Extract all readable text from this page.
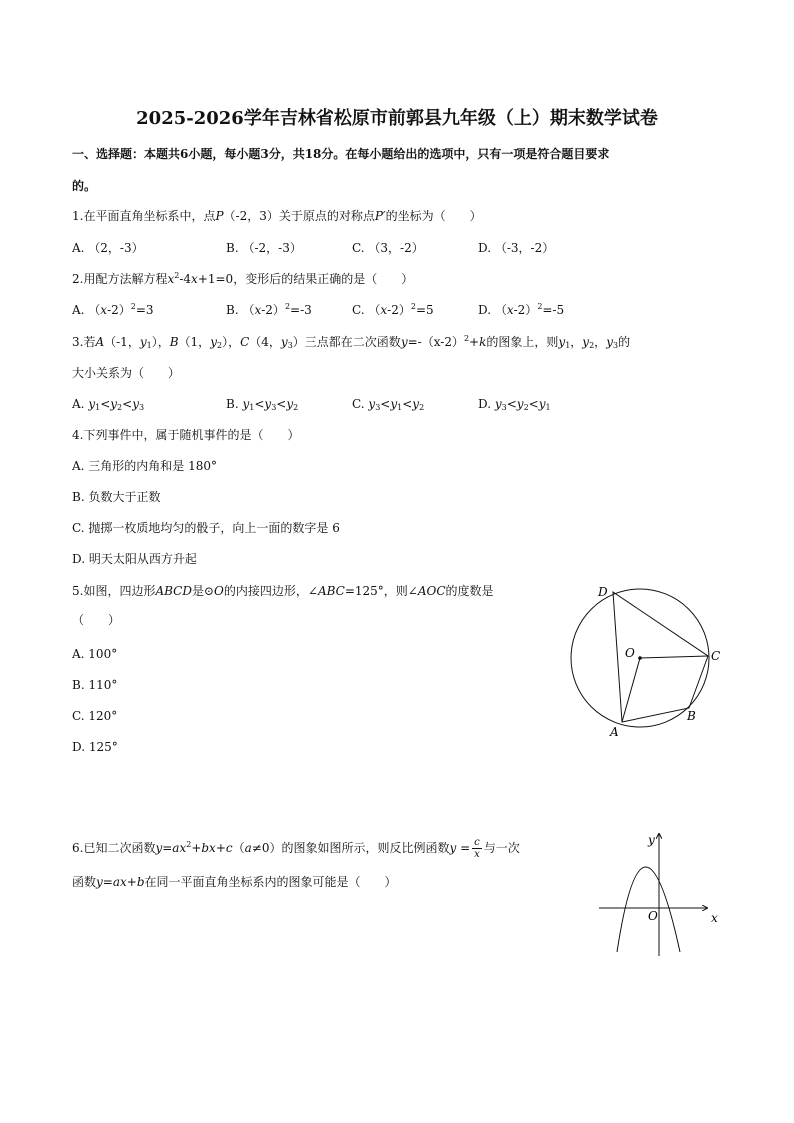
2025-2026学年吉林省松原市前郭县九年级（上）期末数学试卷
一、选择题：本题共6小题，每小题3分，共18分。在每小题给出的选项中，只有一项是符合题目要求
的。
1.在平面直角坐标系中，点P（-2，3）关于原点的对称点P′的坐标为（　　）
A. （2，-3）	B. （-2，-3）	C. （3，-2）	D. （-3，-2）
2.用配方法解方程$x^2-4x+1=0$，变形后的结果正确的是（　　）
A. $(x-2)^2=3$	B. $(x-2)^2=-3$	C. $(x-2)^2=5$	D. $(x-2)^2=-5$
3.若A（-1，$y_1$），B（1，$y_2$），C（4，$y_3$）三点都在二次函数$y=-(x-2)^2+k$的图象上，则$y_1$，$y_2$，$y_3$的
大小关系为（　　）
A. $y_1<y_2<y_3$	B. $y_1<y_3<y_2$	C. $y_3<y_1<y_2$	D. $y_3<y_2<y_1$
4.下列事件中，属于随机事件的是（　　）
A. 三角形的内角和是 180°
B. 负数大于正数
C. 抛掷一枚质地均匀的骰子，向上一面的数字是 6
D. 明天太阳从西方升起
5.如图，四边形ABCD是⊙O的内接四边形，∠ABC=125°，则∠AOC的度数是
（　　）
A. 100°
B. 110°
C. 120°
D. 125°
D
O	C
B
A
6.已知二次函数$y=ax^2+bx+c(a\ne 0)$的图象如图所示，则反比例函数$y = \frac{c}{x}$ 与一次
函数y=ax+b在同一平面直角坐标系内的图象可能是（　　）
y
x
O
